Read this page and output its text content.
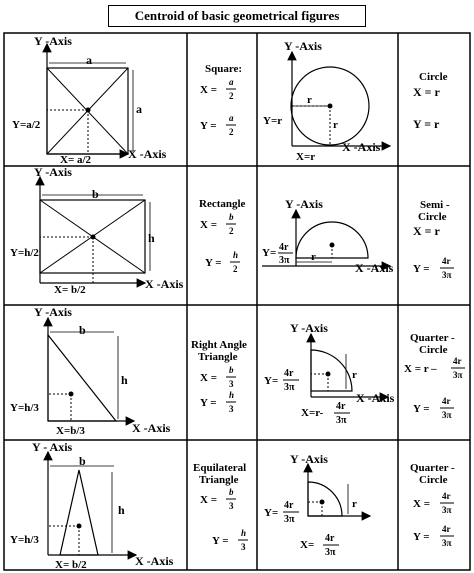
Centroid of basic geometrical figures
Y -Axis
X -Axis
a
a
Y=a/2
X= a/2
Square:
X =
a
2
Y =
a
2
Y -Axis
X -Axis
r
r
Y=r
X=r
Circle
X = r
Y = r
Y -Axis
X -Axis
b
h
Y=h/2
X= b/2
Rectangle
X =
b
2
Y =
h
2
Y -Axis
X -Axis
r
Y= 4r
3π
Semi -
Circle
X = r
Y =
4r
3π
Y -Axis
X -Axis
b
h
Y=h/3
X=b/3
Right Angle
Triangle
X =
b
3
Y =
h
3
Y -Axis
X -Axis
r
Y=
4r
3π
X=r-
4r
3π
Quarter -
Circle
X = r –
4r
3π
Y =
4r
3π
Y - Axis
X -Axis
b
h
Y=h/3
X= b/2
Equilateral
Triangle
X =
b
3
Y =
h
3
Y -Axis
r
Y=
4r
3π
X=
4r
3π
Quarter -
Circle
X =
4r
3π
Y =
4r
3π
